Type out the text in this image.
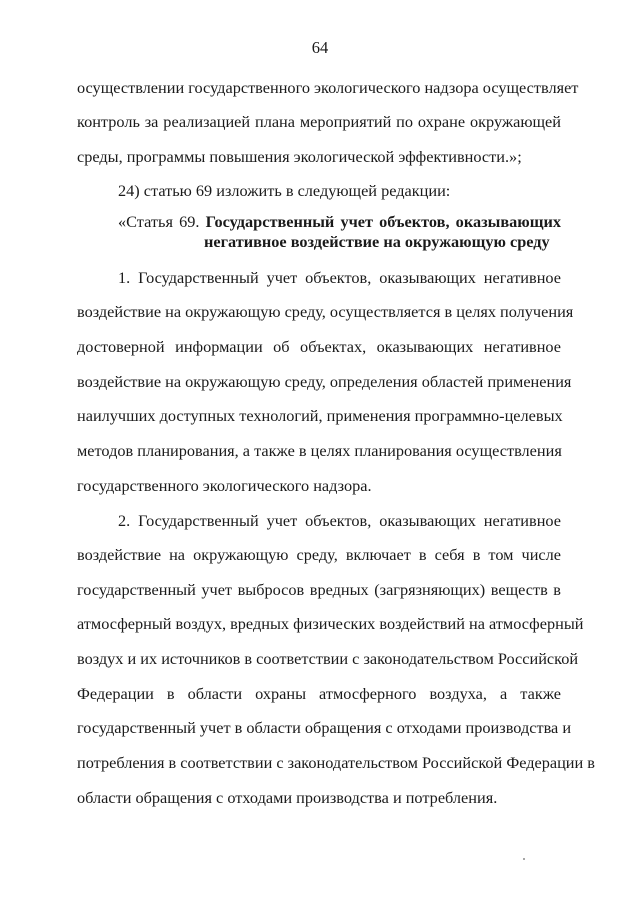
64
осуществлении государственного экологического надзора осуществляет
контроль за реализацией плана мероприятий по охране окружающей
среды, программы повышения экологической эффективности.»;
24) статью 69 изложить в следующей редакции:
«Статья 69. Государственный учет объектов, оказывающих
негативное воздействие на окружающую среду
1. Государственный учет объектов, оказывающих негативное
воздействие на окружающую среду, осуществляется в целях получения
достоверной информации об объектах, оказывающих негативное
воздействие на окружающую среду, определения областей применения
наилучших доступных технологий, применения программно-целевых
методов планирования, а также в целях планирования осуществления
государственного экологического надзора.
2. Государственный учет объектов, оказывающих негативное
воздействие на окружающую среду, включает в себя в том числе
государственный учет выбросов вредных (загрязняющих) веществ в
атмосферный воздух, вредных физических воздействий на атмосферный
воздух и их источников в соответствии с законодательством Российской
Федерации в области охраны атмосферного воздуха, а также
государственный учет в области обращения с отходами производства и
потребления в соответствии с законодательством Российской Федерации в
области обращения с отходами производства и потребления.
